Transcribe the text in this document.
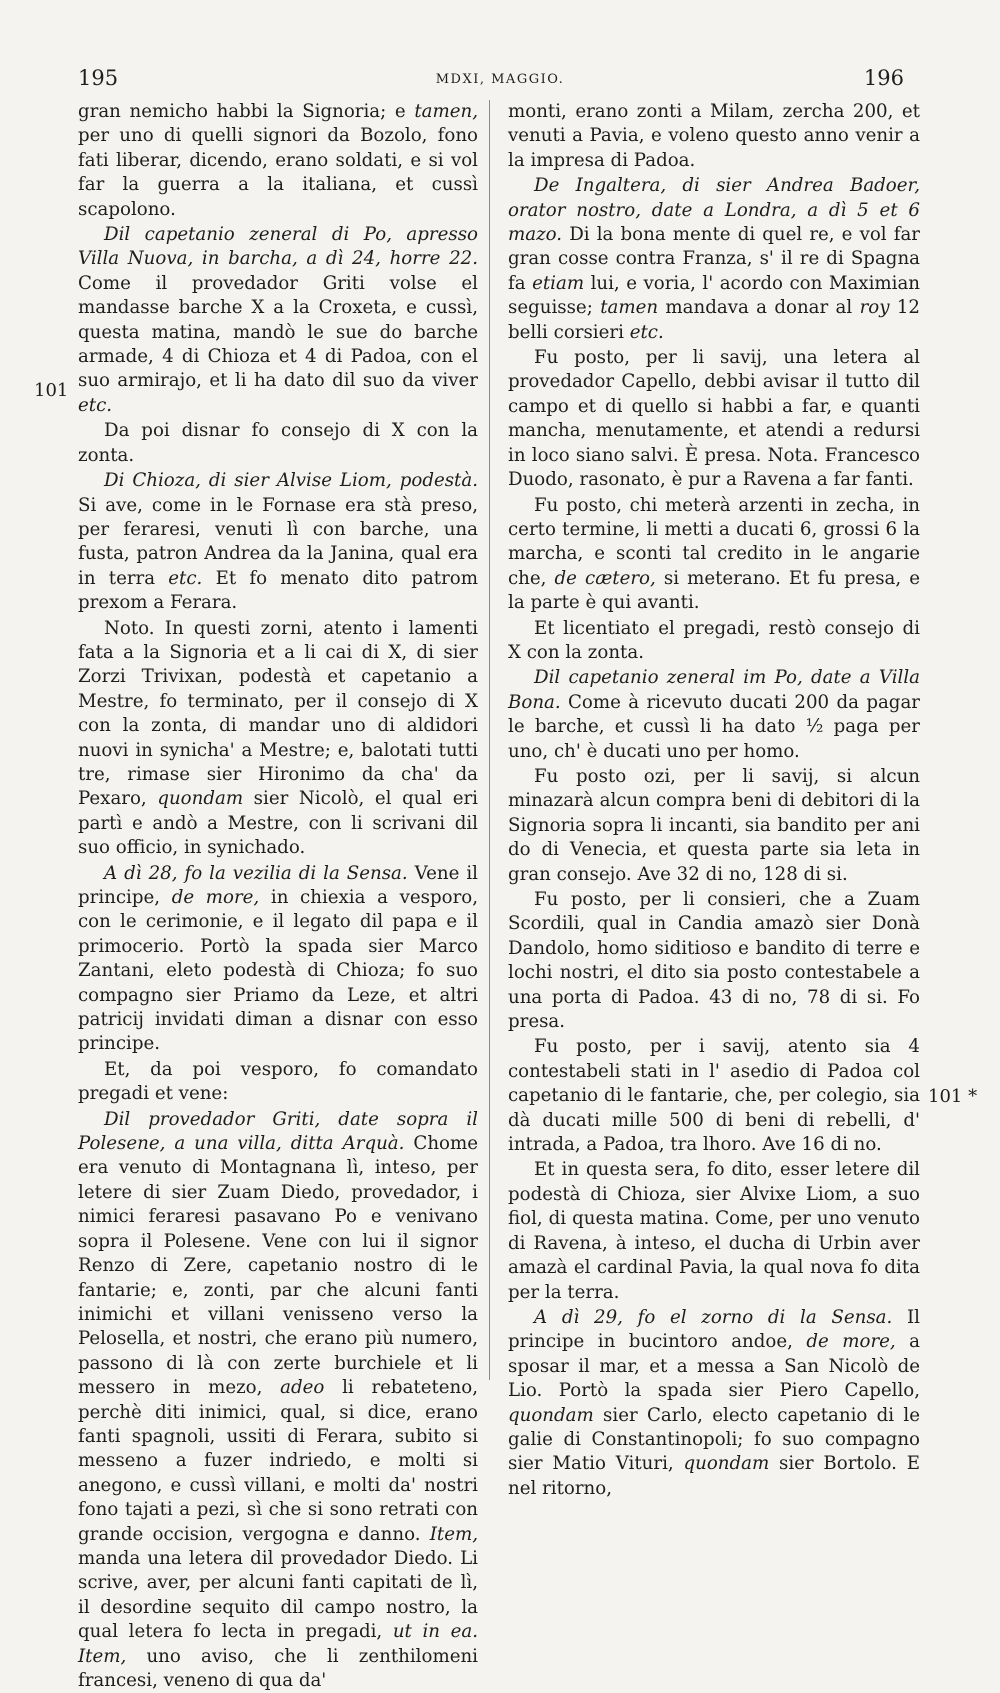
195	MDXI, MAGGIO.	196
101
101 *

gran nemicho habbi la Signoria; e tamen, per uno di quelli signori da Bozolo, fono fati liberar, dicendo, erano soldati, e si vol far la guerra a la italiana, et cussì scapolono.

Dil capetanio zeneral di Po, apresso Villa Nuova, in barcha, a dì 24, horre 22. Come il provedador Griti volse el mandasse barche X a la Croxeta, e cussì, questa matina, mandò le sue do barche armade, 4 di Chioza et 4 di Padoa, con el suo armirajo, et li ha dato dil suo da viver etc.

Da poi disnar fo consejo di X con la zonta.

Di Chioza, di sier Alvise Liom, podestà. Si ave, come in le Fornase era stà preso, per feraresi, venuti lì con barche, una fusta, patron Andrea da la Janina, qual era in terra etc. Et fo menato dito patrom prexom a Ferara.

Noto. In questi zorni, atento i lamenti fata a la Signoria et a li cai di X, di sier Zorzi Trivixan, podestà et capetanio a Mestre, fo terminato, per il consejo di X con la zonta, di mandar uno di aldidori nuovi in synicha' a Mestre; e, balotati tutti tre, rimase sier Hironimo da cha' da Pexaro, quondam sier Nicolò, el qual eri partì e andò a Mestre, con li scrivani dil suo officio, in synichado.

A dì 28, fo la vezilia di la Sensa. Vene il principe, de more, in chiexia a vesporo, con le cerimonie, e il legato dil papa e il primocerio. Portò la spada sier Marco Zantani, eleto podestà di Chioza; fo suo compagno sier Priamo da Leze, et altri patricij invidati diman a disnar con esso principe.

Et, da poi vesporo, fo comandato pregadi et vene:

Dil provedador Griti, date sopra il Polesene, a una villa, ditta Arquà. Chome era venuto di Montagnana lì, inteso, per letere di sier Zuam Diedo, provedador, i nimici feraresi pasavano Po e venivano sopra il Polesene. Vene con lui il signor Renzo di Zere, capetanio nostro di le fantarie; e, zonti, par che alcuni fanti inimichi et villani venisseno verso la Pelosella, et nostri, che erano più numero, passono di là con zerte burchiele et li messero in mezo, adeo li rebatetenо, perchè diti inimici, qual, si dice, erano fanti spagnoli, ussiti di Ferara, subito si messeno a fuzer indriedo, e molti si anegono, e cussì villani, e molti da' nostri fono tajati a pezi, sì che si sono retrati con grande occision, vergogna e danno. Item, manda una letera dil provedador Diedo. Li scrive, aver, per alcuni fanti capitati de lì, il desordine sequito dil campo nostro, la qual letera fo lecta in pregadi, ut in ea. Item, uno aviso, che li zenthilomeni francesi, veneno di qua da'

monti, erano zonti a Milam, zercha 200, et venuti a Pavia, e voleno questo anno venir a la impresa di Padoa.

De Ingaltera, di sier Andrea Badoer, orator nostro, date a Londra, a dì 5 et 6 mazo. Di la bona mente di quel re, e vol far gran cosse contra Franza, s' il re di Spagna fa etiam lui, e voria, l' acordo con Maximian seguisse; tamen mandava a donar al roy 12 belli corsieri etc.

Fu posto, per li savij, una letera al provedador Capello, debbi avisar il tutto dil campo et di quello si habbi a far, e quanti mancha, menutamente, et atendi a redursi in loco siano salvi. È presa. Nota. Francesco Duodo, rasonato, è pur a Ravena a far fanti.

Fu posto, chi meterà arzenti in zecha, in certo termine, li metti a ducati 6, grossi 6 la marcha, e sconti tal credito in le angarie che, de cætero, si meterano. Et fu presa, e la parte è qui avanti.

Et licentiato el pregadi, restò consejo di X con la zonta.

Dil capetanio zeneral im Po, date a Villa Bona. Come à ricevuto ducati 200 da pagar le barche, et cussì li ha dato ½ paga per uno, ch' è ducati uno per homo.

Fu posto ozi, per li savij, si alcun minazarà alcun compra beni di debitori di la Signoria sopra li incanti, sia bandito per ani do di Venecia, et questa parte sia leta in gran consejo. Ave 32 di no, 128 di si.

Fu posto, per li consieri, che a Zuam Scordili, qual in Candia amazò sier Donà Dandolo, homo siditioso e bandito di terre e lochi nostri, el dito sia posto contestabele a una porta di Padoa. 43 di no, 78 di si. Fo presa.

Fu posto, per i savij, atento sia 4 contestabeli stati in l' asedio di Padoa col capetanio di le fantarie, che, per colegio, sia dà ducati mille 500 di beni di rebelli, d' intrada, a Padoa, tra lhoro. Ave 16 di no.

Et in questa sera, fo dito, esser letere dil podestà di Chioza, sier Alvixe Liom, a suo fiol, di questa matina. Come, per uno venuto di Ravena, à inteso, el ducha di Urbin aver amazà el cardinal Pavia, la qual nova fo dita per la terra.

A dì 29, fo el zorno di la Sensa. Il principe in bucintoro andoe, de more, a sposar il mar, et a messa a San Nicolò de Lio. Portò la spada sier Piero Capello, quondam sier Carlo, electo capetanio di le galie di Constantinopoli; fo suo compagno sier Matio Vituri, quondam sier Bortolo. E nel ritorno,
